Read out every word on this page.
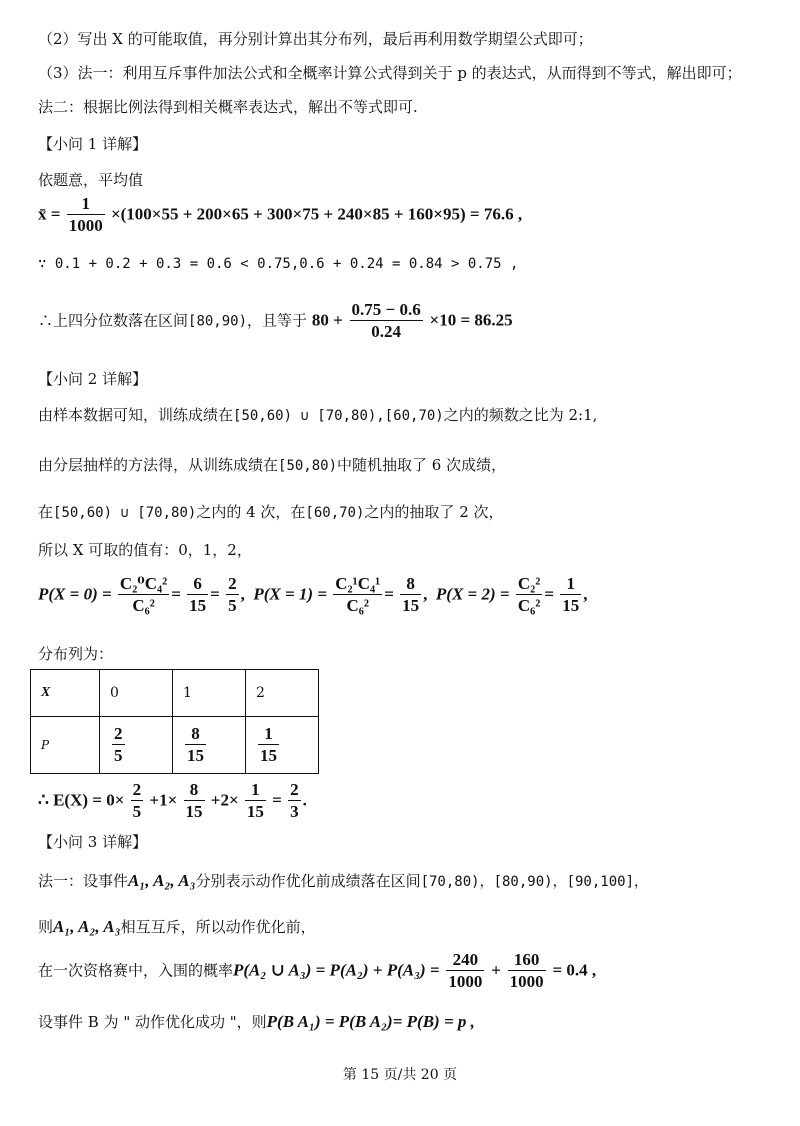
（2）写出 X 的可能取值，再分别计算出其分布列，最后再利用数学期望公式即可；
（3）法一：利用互斥事件加法公式和全概率计算公式得到关于 p 的表达式，从而得到不等式，解出即可；
法二：根据比例法得到相关概率表达式，解出不等式即可.
【小问 1 详解】
依题意，平均值
x̄ = $\frac{1}{1000} \times(100\times 55 + 200\times 65 + 300\times 75 + 240\times 85 + 160\times 95) = 76.6$ ,
∵ 0.1 + 0.2 + 0.3 = 0.6 < 0.75,0.6 + 0.24 = 0.84 > 0.75 ,
∴上四分位数落在区间[80,90)，且等于 $80 + \frac{0.75 - 0.6}{0.24} \times 10 = 86.25$
【小问 2 详解】
由样本数据可知，训练成绩在[50,60) ∪ [70,80),[60,70)之内的频数之比为 2:1,
由分层抽样的方法得，从训练成绩在[50,80)中随机抽取了 6 次成绩，
在[50,60) ∪ [70,80)之内的 4 次，在[60,70)之内的抽取了 2 次，
所以 X 可取的值有：0，1，2，
$P(X = 0) = \frac{\text{C₂⁰C₄²}}{\text{C₆²}} = \frac{6}{15} = \frac{2}{5}$ ,  $P(X = 1) = \frac{\text{C₂¹C₄¹}}{\text{C₆²}} = \frac{8}{15}$ ,  $P(X = 2) = \frac{\text{C₂²}}{\text{C₆²}} = \frac{1}{15}$ ,
分布列为：
X	0	1	2
P	$\frac{2}{5}$	$\frac{8}{15}$	$\frac{1}{15}$
∴ $E(X) = 0\times \frac{2}{5} +1\times \frac{8}{15} +2\times \frac{1}{15} = \frac{2}{3}$ .
【小问 3 详解】
法一：设事件A₁, A₂, A₃分别表示动作优化前成绩落在区间[70,80)，[80,90)，[90,100]，
则A₁, A₂, A₃相互互斥，所以动作优化前，
在一次资格赛中，入围的概率P(A₂ ∪ $A_3) = P(A_2) + P(A_3) = \frac{240}{1000} + \frac{160}{1000} = 0.4$ ,
设事件 B 为 " 动作优化成功 "，则P(B A₁) = P(B A₂)= P(B) = p ,
第 15 页/共 20 页
